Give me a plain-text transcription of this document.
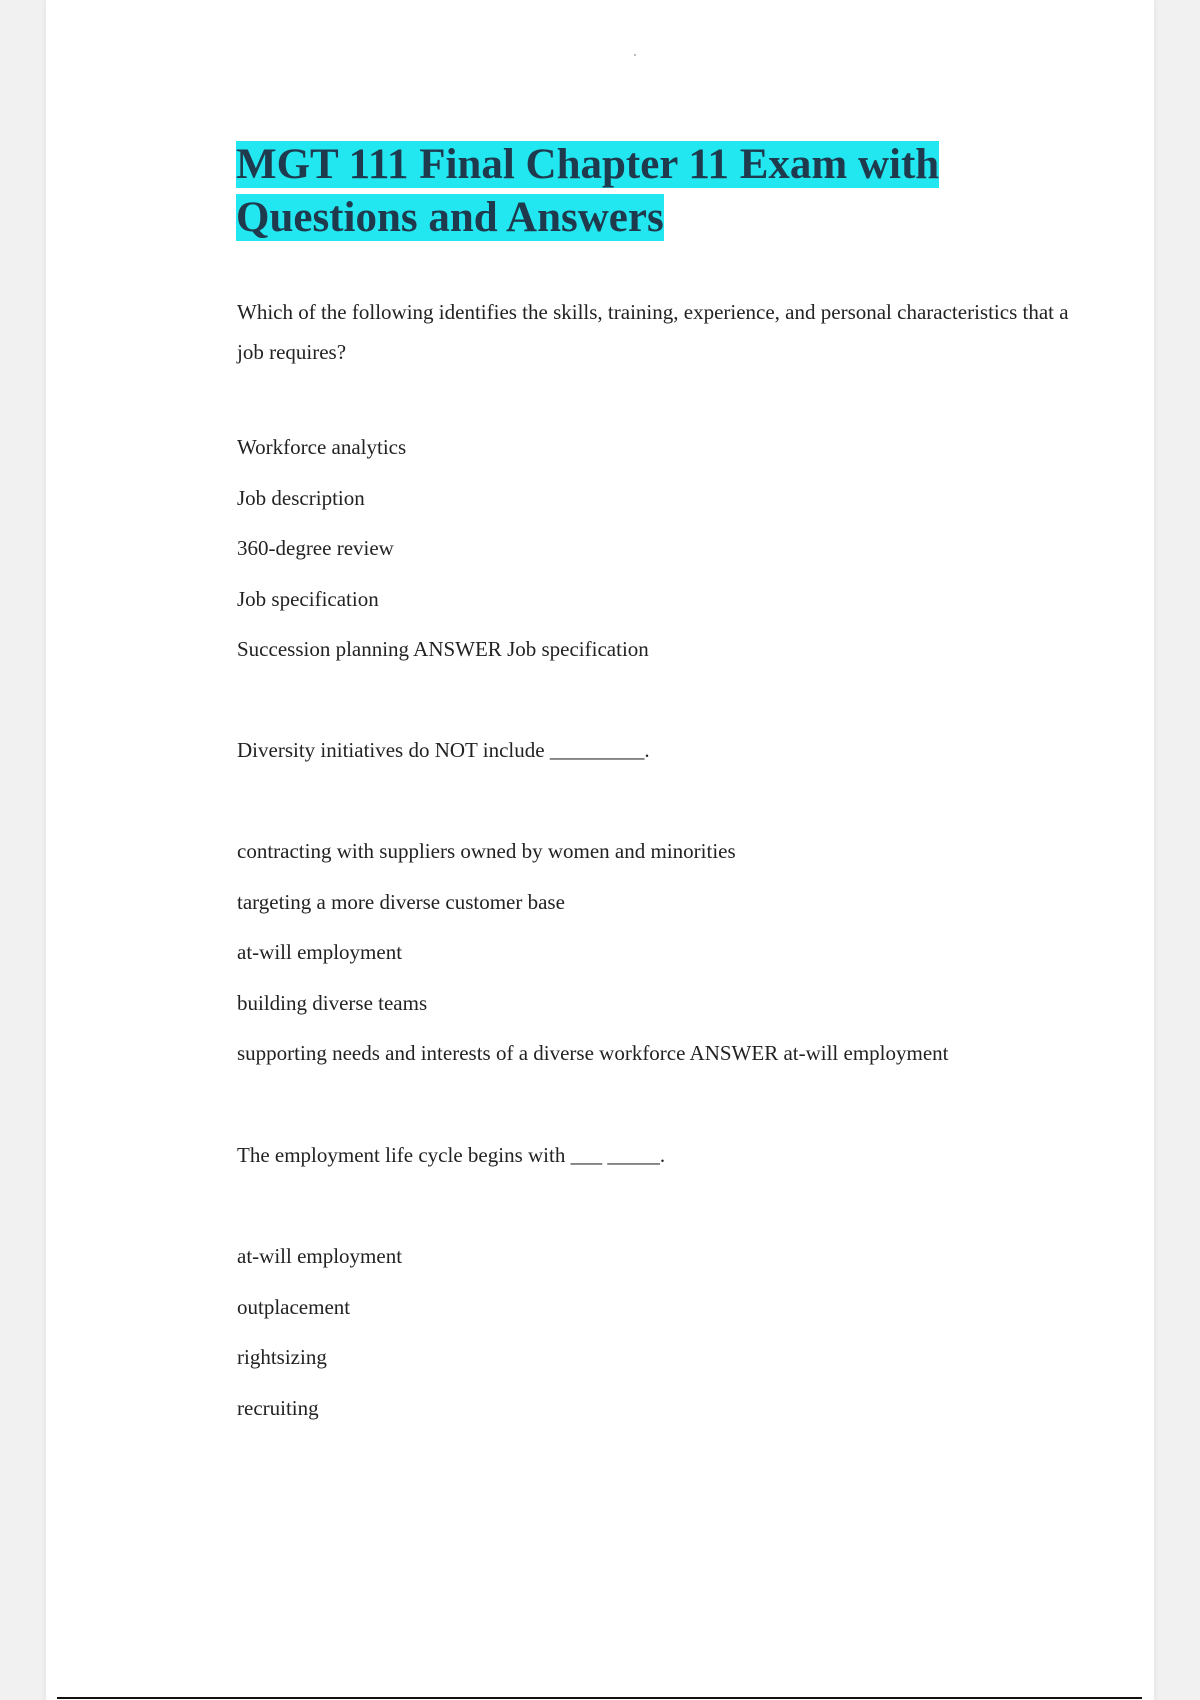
MGT 111 Final Chapter 11 Exam with
Questions and Answers

Which of the following identifies the skills, training, experience, and personal characteristics that a job requires?

Workforce analytics

Job description

360-degree review

Job specification

Succession planning ANSWER Job specification

Diversity initiatives do NOT include _________.

contracting with suppliers owned by women and minorities

targeting a more diverse customer base

at-will employment

building diverse teams

supporting needs and interests of a diverse workforce ANSWER at-will employment

The employment life cycle begins with ___ _____.

at-will employment

outplacement

rightsizing

recruiting
